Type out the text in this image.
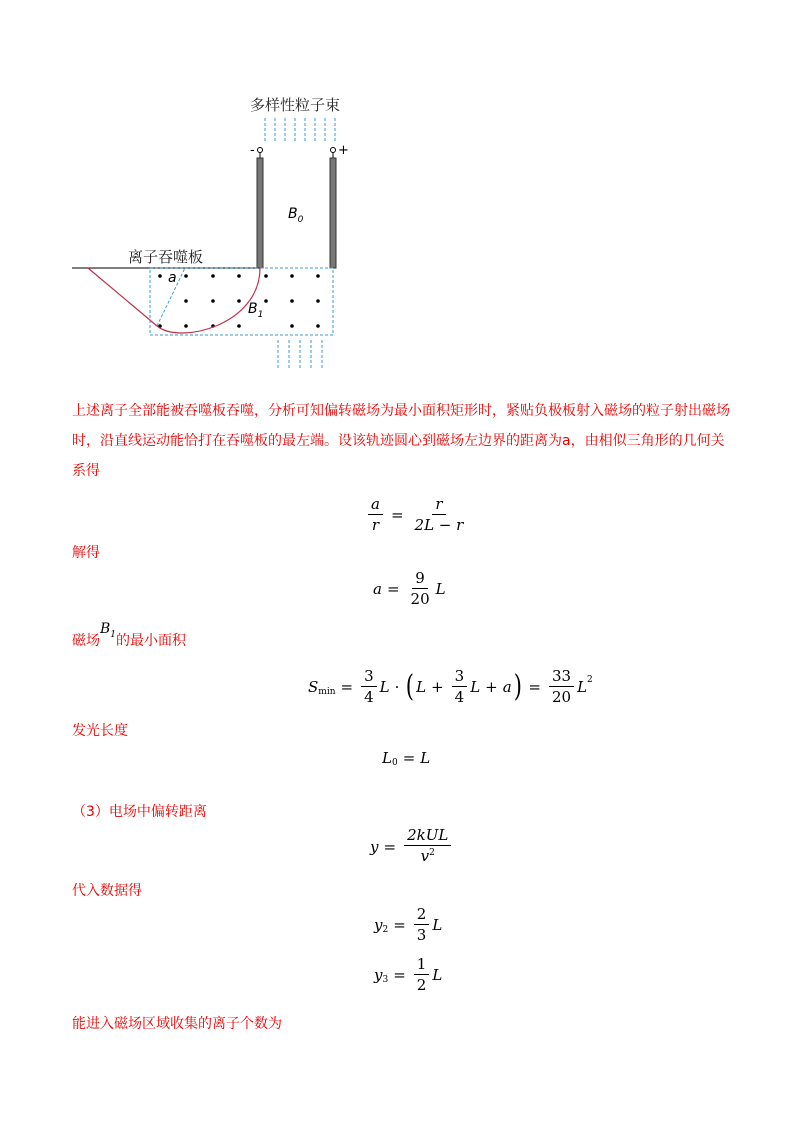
多样性粒子束
-	+
$B_0$
离子吞噬板
a
$B_1$
上述离子全部能被吞噬板吞噬，分析可知偏转磁场为最小面积矩形时，紧贴负极板射入磁场的粒子射出磁场时，沿直线运动能恰打在吞噬板的最左端。设该轨迹圆心到磁场左边界的距离为a，由相似三角形的几何关系得
$\frac{a}{r} = \frac{r}{2L - r}$
解得
$a = \frac{9}{20}$ L
磁场$B_1$的最小面积
S $\min = \frac{3}{4}$ L · ( $L + \frac{3}{4}$ L + a ) = $\frac{33}{20}$ L 2
发光长度
L 0 = L
（3）电场中偏转距离
$y = \frac{\text{2kUL}}{v^2}$
代入数据得
y $2 = \frac{2}{3}$ L
y $3 = \frac{1}{2}$ L
能进入磁场区域收集的离子个数为
